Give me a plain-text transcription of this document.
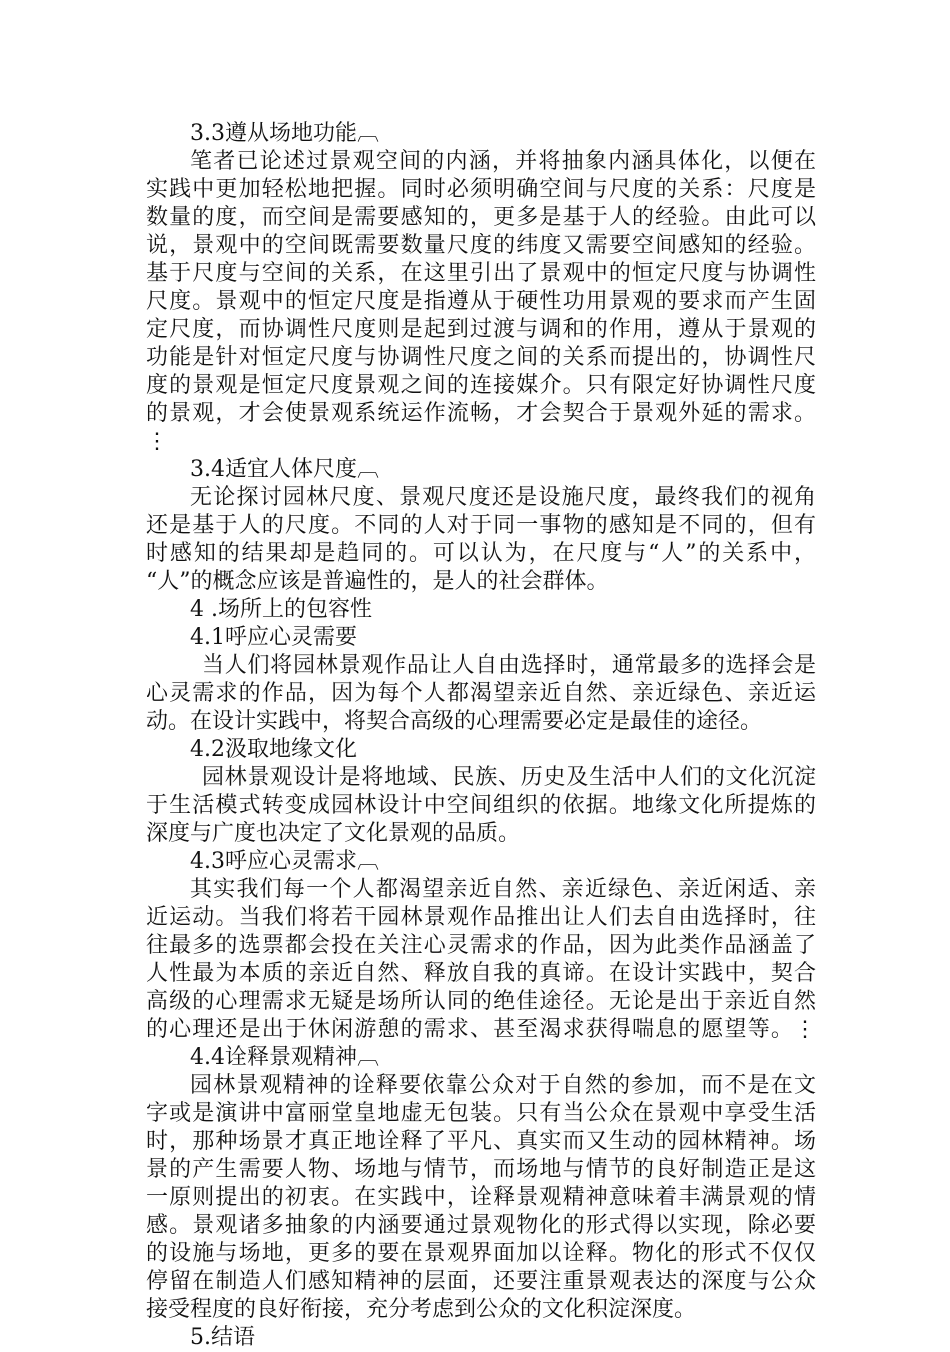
3.3遵从场地功能︹
笔者已论述过景观空间的内涵，并将抽象内涵具体化，以便在
实践中更加轻松地把握。同时必须明确空间与尺度的关系：尺度是
数量的度，而空间是需要感知的，更多是基于人的经验。由此可以
说，景观中的空间既需要数量尺度的纬度又需要空间感知的经验。
基于尺度与空间的关系，在这里引出了景观中的恒定尺度与协调性
尺度。景观中的恒定尺度是指遵从于硬性功用景观的要求而产生固
定尺度，而协调性尺度则是起到过渡与调和的作用，遵从于景观的
功能是针对恒定尺度与协调性尺度之间的关系而提出的，协调性尺
度的景观是恒定尺度景观之间的连接媒介。只有限定好协调性尺度
的景观，才会使景观系统运作流畅，才会契合于景观外延的需求。
⋮
3.4适宜人体尺度︹
无论探讨园林尺度、景观尺度还是设施尺度，最终我们的视角
还是基于人的尺度。不同的人对于同一事物的感知是不同的，但有
时感知的结果却是趋同的。可以认为，在尺度与“人”的关系中，
“人”的概念应该是普遍性的，是人的社会群体。
4 .场所上的包容性
4.1呼应心灵需要
当人们将园林景观作品让人自由选择时，通常最多的选择会是
心灵需求的作品，因为每个人都渴望亲近自然、亲近绿色、亲近运
动。在设计实践中，将契合高级的心理需要必定是最佳的途径。
4.2汲取地缘文化
园林景观设计是将地域、民族、历史及生活中人们的文化沉淀
于生活模式转变成园林设计中空间组织的依据。地缘文化所提炼的
深度与广度也决定了文化景观的品质。
4.3呼应心灵需求︹
其实我们每一个人都渴望亲近自然、亲近绿色、亲近闲适、亲
近运动。当我们将若干园林景观作品推出让人们去自由选择时，往
往最多的选票都会投在关注心灵需求的作品，因为此类作品涵盖了
人性最为本质的亲近自然、释放自我的真谛。在设计实践中，契合
高级的心理需求无疑是场所认同的绝佳途径。无论是出于亲近自然
的心理还是出于休闲游憩的需求、甚至渴求获得喘息的愿望等。⋮
4.4诠释景观精神︹
园林景观精神的诠释要依靠公众对于自然的参加，而不是在文
字或是演讲中富丽堂皇地虚无包装。只有当公众在景观中享受生活
时，那种场景才真正地诠释了平凡、真实而又生动的园林精神。场
景的产生需要人物、场地与情节，而场地与情节的良好制造正是这
一原则提出的初衷。在实践中，诠释景观精神意味着丰满景观的情
感。景观诸多抽象的内涵要通过景观物化的形式得以实现，除必要
的设施与场地，更多的要在景观界面加以诠释。物化的形式不仅仅
停留在制造人们感知精神的层面，还要注重景观表达的深度与公众
接受程度的良好衔接，充分考虑到公众的文化积淀深度。
5.结语
